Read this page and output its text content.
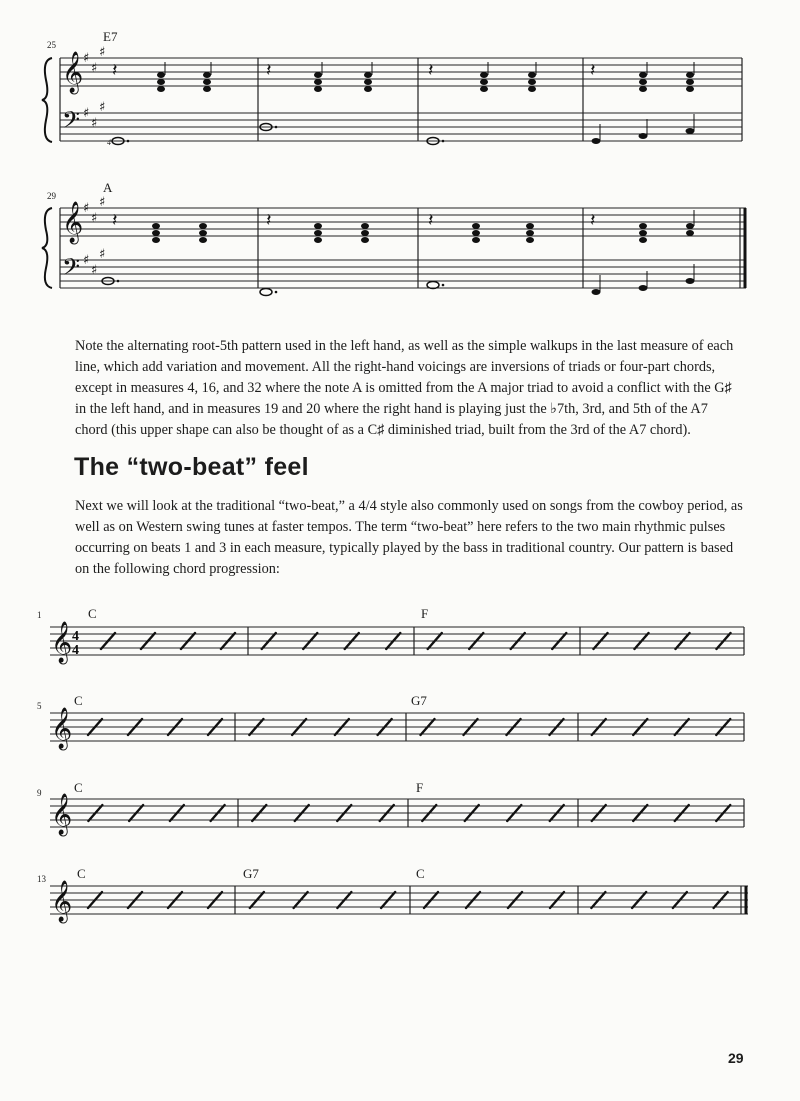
25
E7
𝄞
𝄢
♯
♯
♯
♯
♯
♯
𝄽	𝄽	𝄽	𝄽
4
29
A
𝄞
𝄢
♯
♯
♯
♯
♯
♯
𝄽	𝄽	𝄽	𝄽
𝄞
𝄞
𝄞
𝄞
4
4
1
5
9
13
C	F
C	G7
C	F
C	G7	C

Note the alternating root-5th pattern used in the left hand, as well as the simple walkups in the last measure of each line, which add variation and movement. All the right-hand voicings are inversions of triads or four-part chords, except in measures 4, 16, and 32 where the note A is omitted from the A major triad to avoid a conflict with the G♯ in the left hand, and in measures 19 and 20 where the right hand is playing just the ♭7th, 3rd, and 5th of the A7 chord (this upper shape can also be thought of as a C♯ diminished triad, built from the 3rd of the A7 chord).

The “two-beat” feel

Next we will look at the traditional “two-beat,” a 4/4 style also commonly used on songs from the cowboy period, as well as on Western swing tunes at faster tempos. The term “two-beat” here refers to the two main rhythmic pulses occurring on beats 1 and 3 in each measure, typically played by the bass in traditional country. Our pattern is based on the following chord progression:

29
